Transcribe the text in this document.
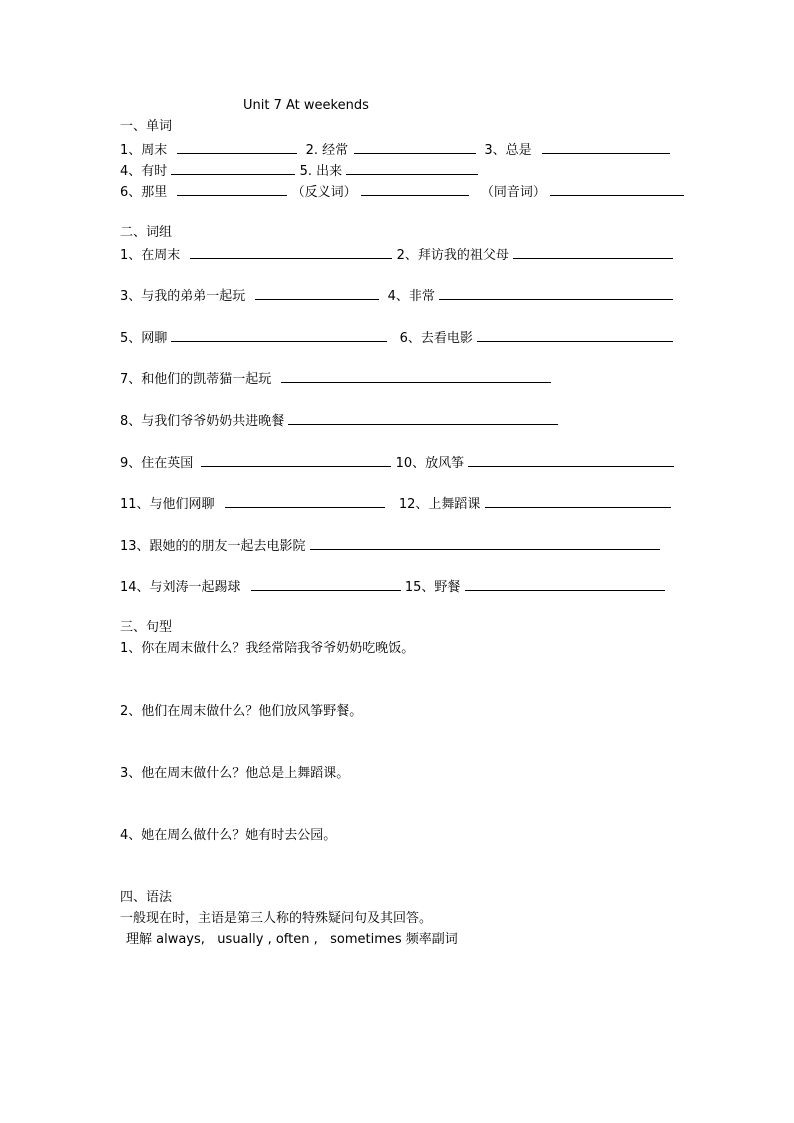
Unit 7 At weekends
一、单词
1、周末	2. 经常	3、总是
4、有时	5. 出来
6、那里	（反义词）	（同音词）
二、词组
1、在周末	2、拜访我的祖父母
3、与我的弟弟一起玩	4、非常
5、网聊	6、去看电影
7、和他们的凯蒂猫一起玩
8、与我们爷爷奶奶共进晚餐
9、住在英国	10、放风筝
11、与他们网聊	12、上舞蹈课
13、跟她的的朋友一起去电影院
14、与刘涛一起踢球	15、野餐
三、句型
1、你在周末做什么？我经常陪我爷爷奶奶吃晚饭。
2、他们在周末做什么？他们放风筝野餐。
3、他在周末做什么？他总是上舞蹈课。
4、她在周么做什么？她有时去公园。
四、语法
一般现在时，主语是第三人称的特殊疑问句及其回答。
理解 always,   usually , often ,   sometimes 频率副词
